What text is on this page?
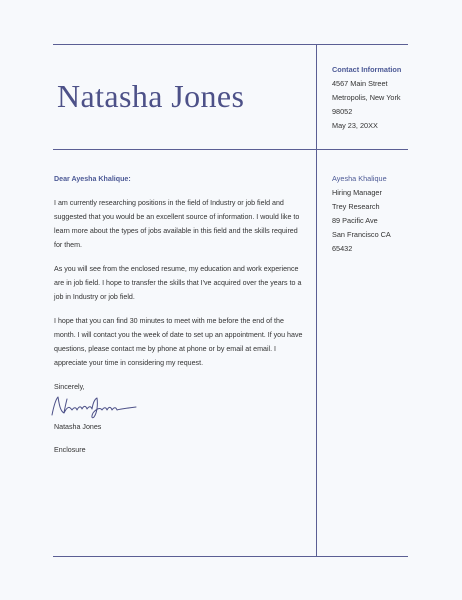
Natasha Jones
Contact Information
4567 Main Street
Metropolis, New York
98052
May 23, 20XX
Ayesha Khalique
Hiring Manager
Trey Research
89 Pacific Ave
San Francisco CA
65432

Dear Ayesha Khalique:

I am currently researching positions in the field of Industry or job field and suggested that you would be an excellent source of information. I would like to learn more about the types of jobs available in this field and the skills required for them.

As you will see from the enclosed resume, my education and work experience are in job field. I hope to transfer the skills that I've acquired over the years to a job in Industry or job field.

I hope that you can find 30 minutes to meet with me before the end of the month. I will contact you the week of date to set up an appointment. If you have questions, please contact me by phone at phone or by email at email. I appreciate your time in considering my request.

Sincerely,

Natasha Jones
Enclosure
